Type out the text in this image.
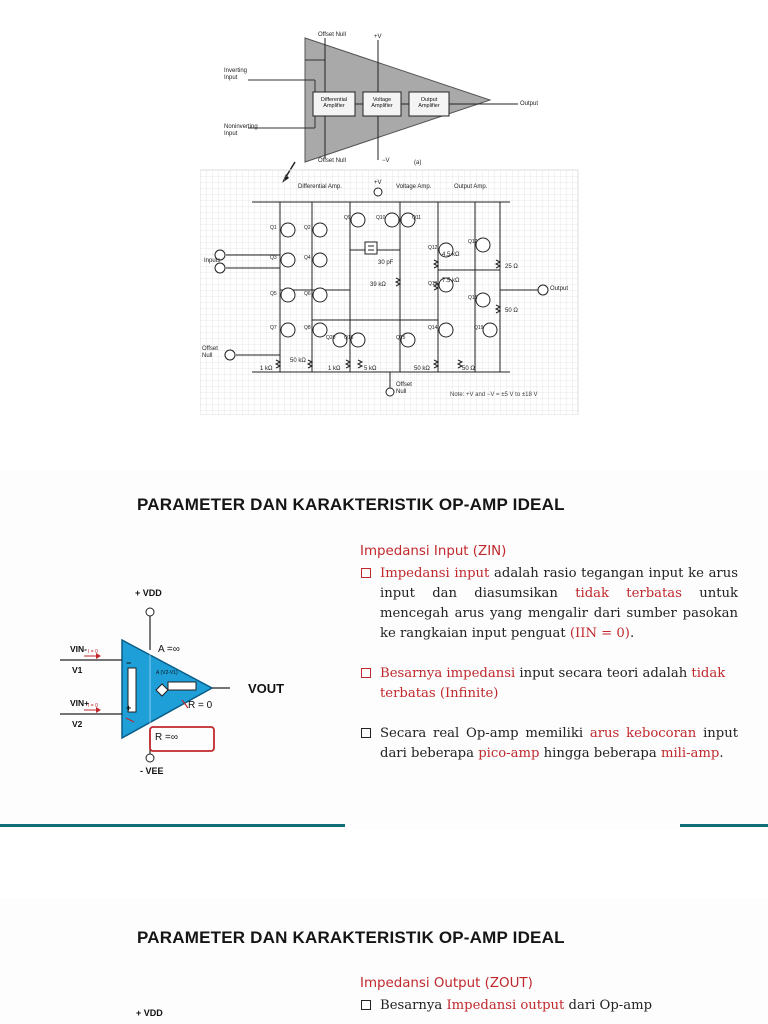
Offset Null	+V
Inverting
Input
Noninverting
Input
Differential
Amplifier
Voltage
Amplifier
Output
Amplifier	Output
Offset Null	−V	(a)
Differential Amp.
+V
Voltage Amp.	Output Amp.
Inputs
Output
Offset
Null
Offset
Null
30 pF
4.5 kΩ
7.5 kΩ
39 kΩ
25 Ω
50 Ω
1 kΩ
50 kΩ
1 kΩ	5 kΩ	50 kΩ	50 Ω
Note: +V and −V = ±5 V to ±18 V
Q1	Q2
Q3	Q4
Q5	Q6
Q7	Q8
Q9	Q10	Q11
Q12
Q13
Q14
Q15
Q16
Q17
Q18
Q19
Q20
PARAMETER DAN KARAKTERISTIK OP-AMP IDEAL
+ VDD
- VEE
VIN-
V1
VIN+
V2
I = 0
I = 0
A =∞
A (V2-V1)
R = 0
R =∞
−
+
VOUT
Impedansi Input (ZIN)

Impedansi input adalah rasio tegangan input ke arus input dan diasumsikan tidak terbatas untuk mencegah arus yang mengalir dari sumber pasokan ke rangkaian input penguat (IIN = 0).

Besarnya impedansi input secara teori adalah tidak terbatas (Infinite)

Secara real Op-amp memiliki arus kebocoran input dari beberapa pico-amp hingga beberapa mili-amp.

PARAMETER DAN KARAKTERISTIK OP-AMP IDEAL
+ VDD
Impedansi Output (ZOUT)

Besarnya Impedansi output dari Op-amp
